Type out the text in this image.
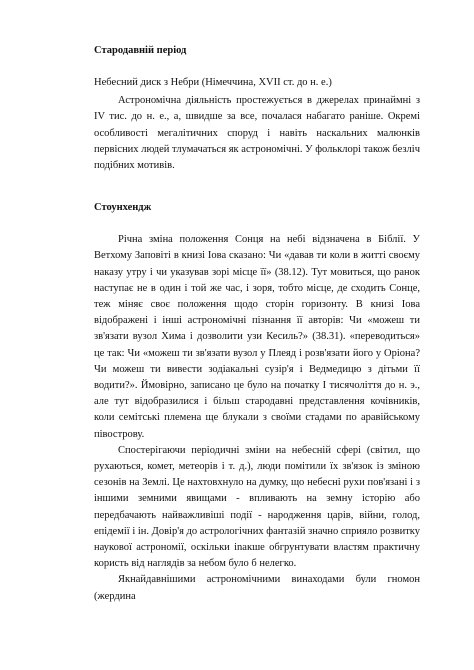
Стародавній період

Небесний диск з Небри (Німеччина, XVII ст. до н. е.)

Астрономічна діяльність простежується в джерелах принаймні з IV тис. до н. е., а, швидше за все, почалася набагато раніше. Окремі особливості мегалітичних споруд і навіть наскальних малюнків первісних людей тлумачаться як астрономічні. У фольклорі також безліч подібних мотивів.

Стоунхендж

Річна зміна положення Сонця на небі відзначена в Біблії. У Ветхому Заповіті в книзі Іова сказано: Чи «давав ти коли в житті своєму наказу утру і чи указував зорі місце її» (38.12). Тут мовиться, що ранок наступає не в один і той же час, і зоря, тобто місце, де сходить Сонце, теж міняє своє положення щодо сторін горизонту. В книзі Іова відображені і інші астрономічні пізнання її авторів: Чи «можеш ти зв'язати вузол Хима і дозволити узи Кесиль?» (38.31). «переводиться» це так: Чи «можеш ти зв'язати вузол у Плеяд і розв'язати його у Оріона? Чи можеш ти вивести зодіакальні сузір'я і Ведмедицю з дітьми її водити?». Ймовірно, записано це було на початку I тисячоліття до н. э., але тут відобразилися і більш стародавні представлення кочівників, коли семітські племена ще блукали з своїми стадами по аравійському півострову.

Спостерігаючи періодичні зміни на небесній сфері (світил, що рухаються, комет, метеорів і т. д.), люди помітили їх зв'язок із зміною сезонів на Землі. Це нахтовхнуло на думку, що небесні рухи пов'язані і з іншими земними явищами - впливають на земну історію або передбачають найважливіші події - народження царів, війни, голод, епідемії і ін. Довір'я до астрологічних фантазій значно сприяло розвитку наукової астрономії, оскільки inакше обгрунтувати властям практичну користь від наглядів за небом було б нелегко.

Якнайдавнішими астрономічними винаходами були гномон (жердина
